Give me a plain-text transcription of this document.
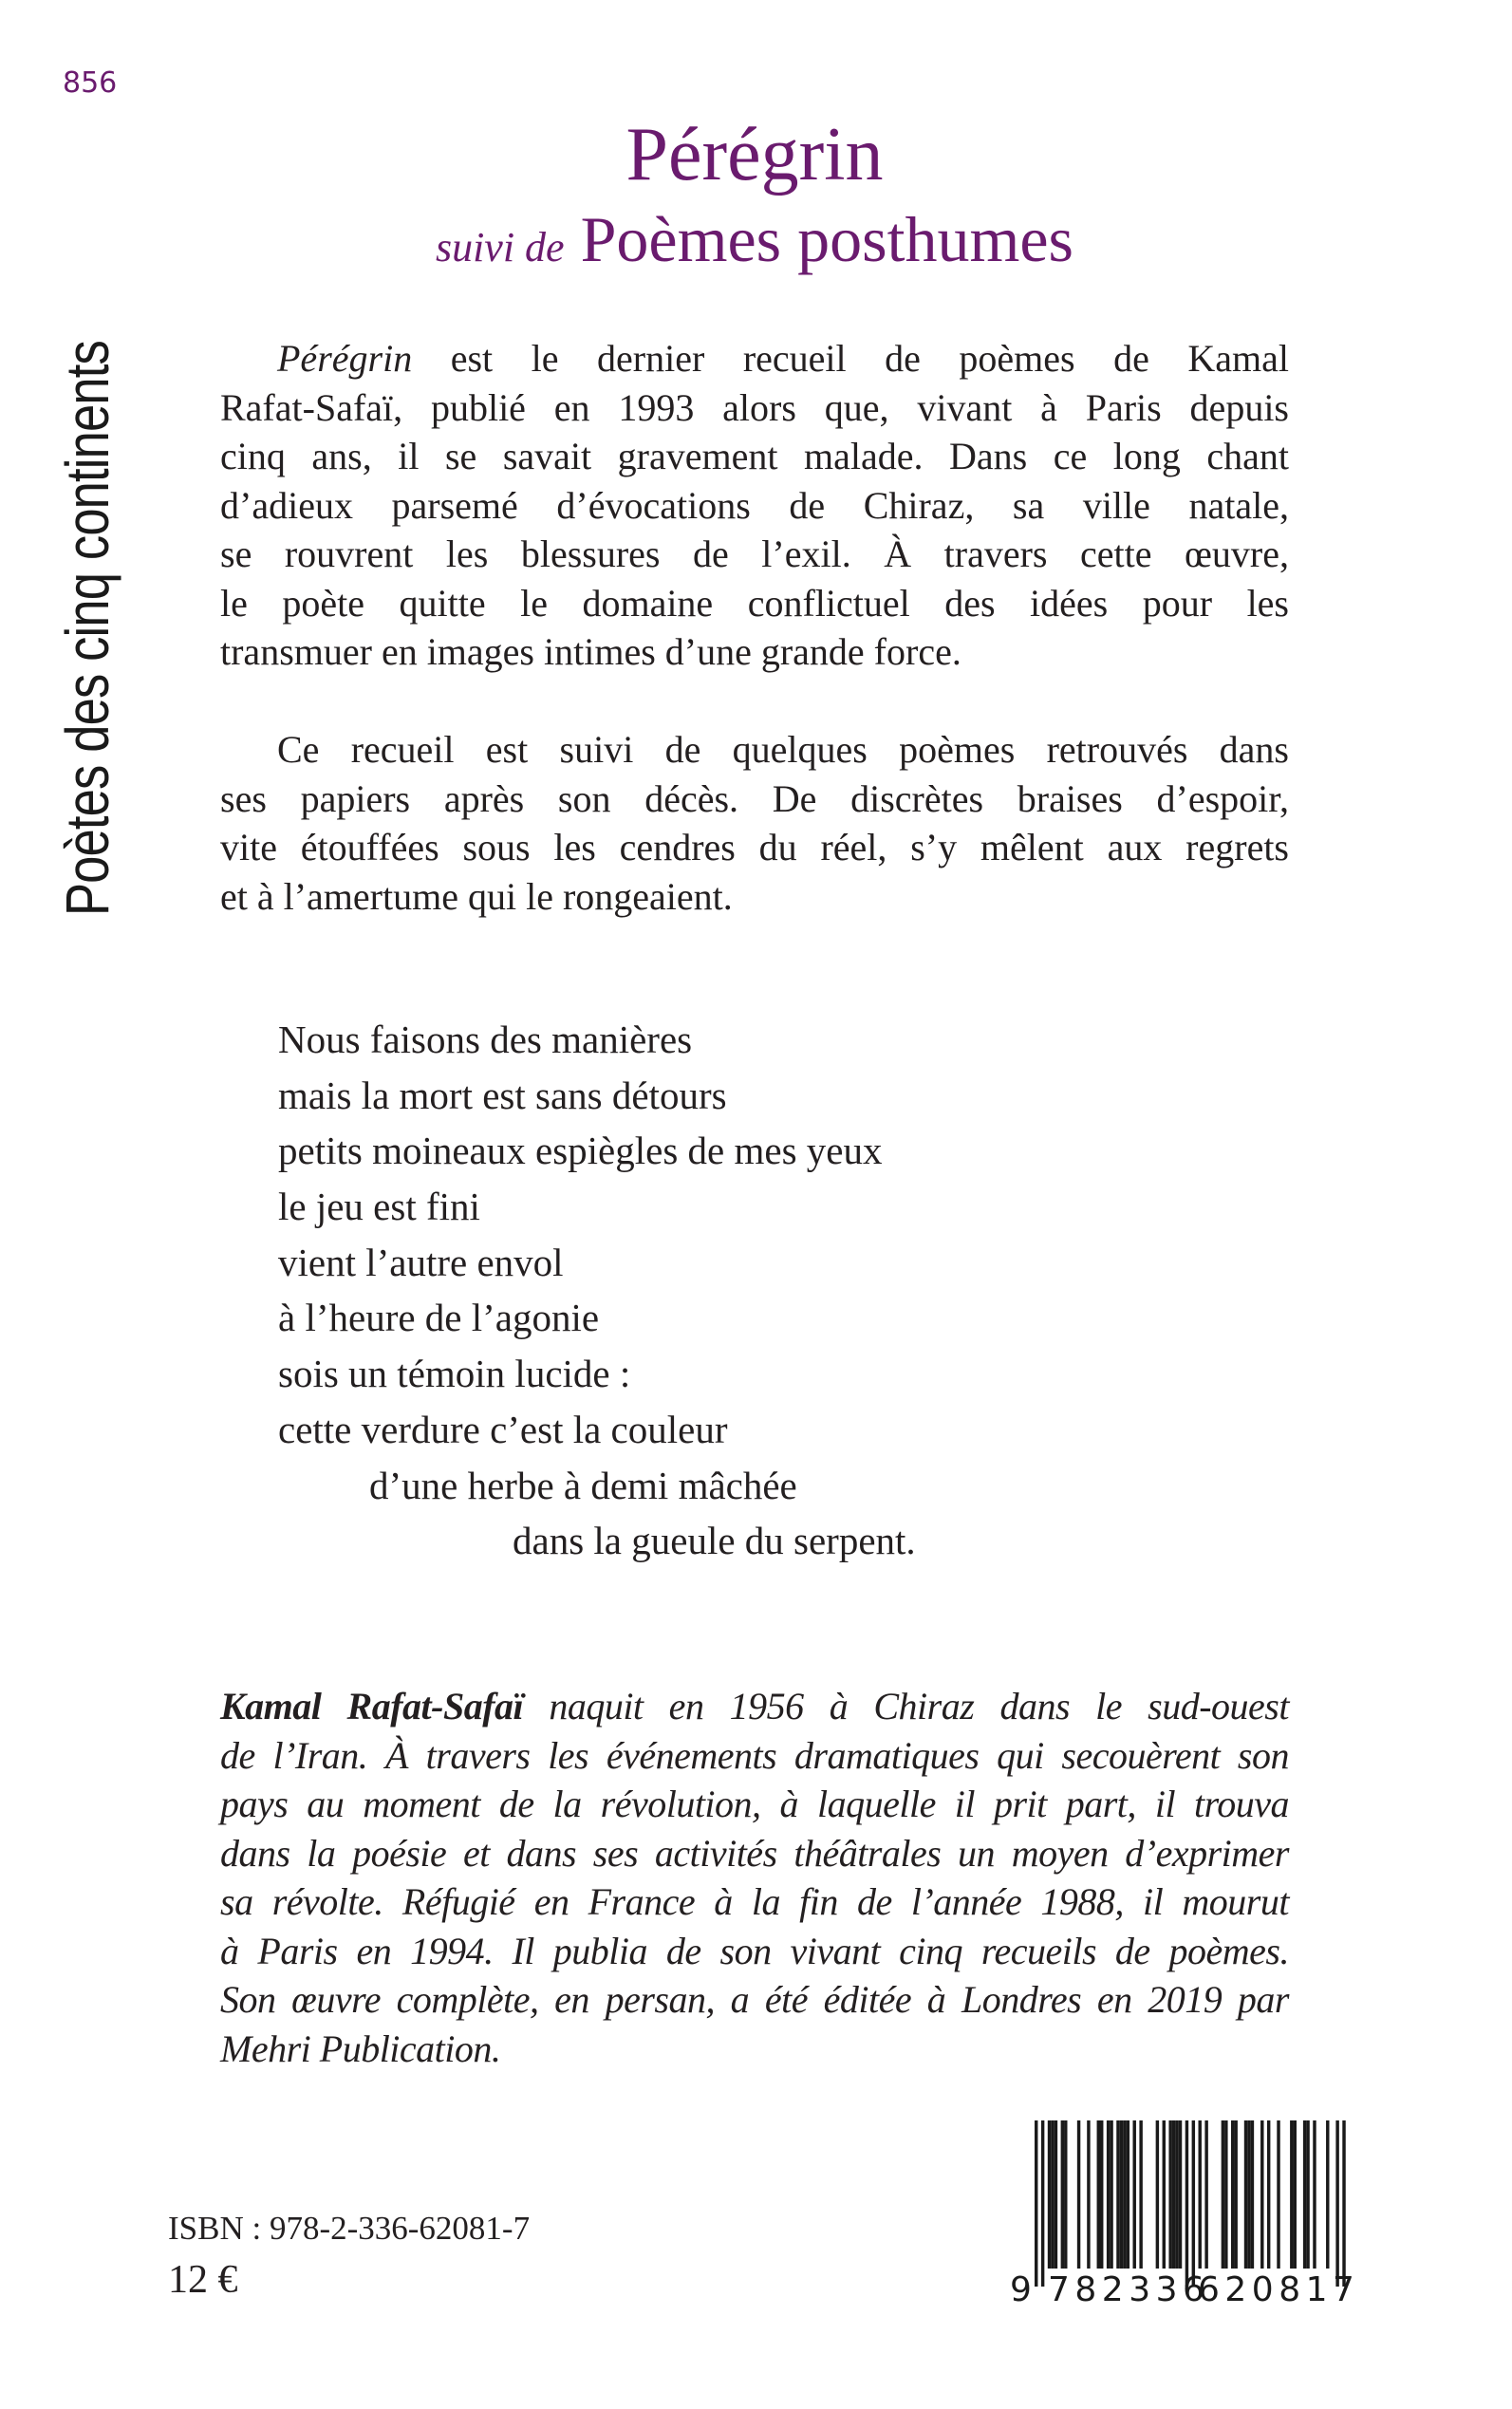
856
Poètes des cinq continents
Pérégrin
suivi de Poèmes posthumes
Pérégrin est le dernier recueil de poèmes de Kamal
Rafat-Safaï, publié en 1993 alors que, vivant à Paris depuis
cinq ans, il se savait gravement malade. Dans ce long chant
d’adieux parsemé d’évocations de Chiraz, sa ville natale,
se rouvrent les blessures de l’exil. À travers cette œuvre,
le poète quitte le domaine conflictuel des idées pour les
transmuer en images intimes d’une grande force.
Ce recueil est suivi de quelques poèmes retrouvés dans
ses papiers après son décès. De discrètes braises d’espoir,
vite étouffées sous les cendres du réel, s’y mêlent aux regrets
et à l’amertume qui le rongeaient.
Nous faisons des manières
mais la mort est sans détours
petits moineaux espiègles de mes yeux
le jeu est fini
vient l’autre envol
à l’heure de l’agonie
sois un témoin lucide :
cette verdure c’est la couleur
d’une herbe à demi mâchée
dans la gueule du serpent.
Kamal Rafat-Safaï naquit en 1956 à Chiraz dans le sud-ouest
de l’Iran. À travers les événements dramatiques qui secouèrent son
pays au moment de la révolution, à laquelle il prit part, il trouva
dans la poésie et dans ses activités théâtrales un moyen d’exprimer
sa révolte. Réfugié en France à la fin de l’année 1988, il mourut
à Paris en 1994. Il publia de son vivant cinq recueils de poèmes.
Son œuvre complète, en persan, a été éditée à Londres en 2019 par
Mehri Publication.
ISBN : 978-2-336-62081-7
12 €	9 782336
620817
